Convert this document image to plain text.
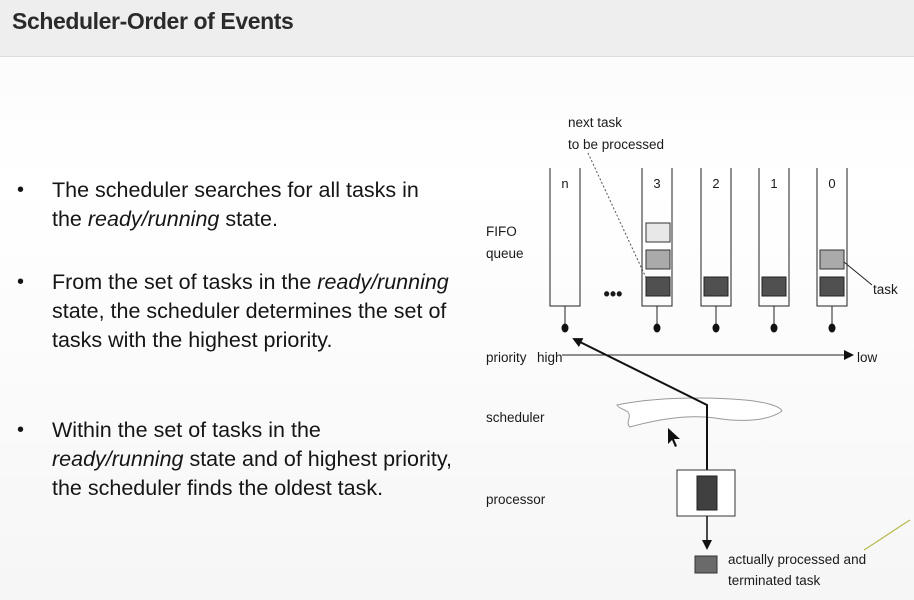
Scheduler-Order of Events
• The scheduler searches for all tasks in the ready/running state.
• From the set of tasks in the ready/running state, the scheduler determines the set of tasks with the highest priority.
• Within the set of tasks in the ready/running state and of highest priority, the scheduler finds the oldest task.
next task
to be processed
FIFO
queue
n
•••
3	2	1	0
task
priority high	low
scheduler
processor
actually processed and
terminated task
